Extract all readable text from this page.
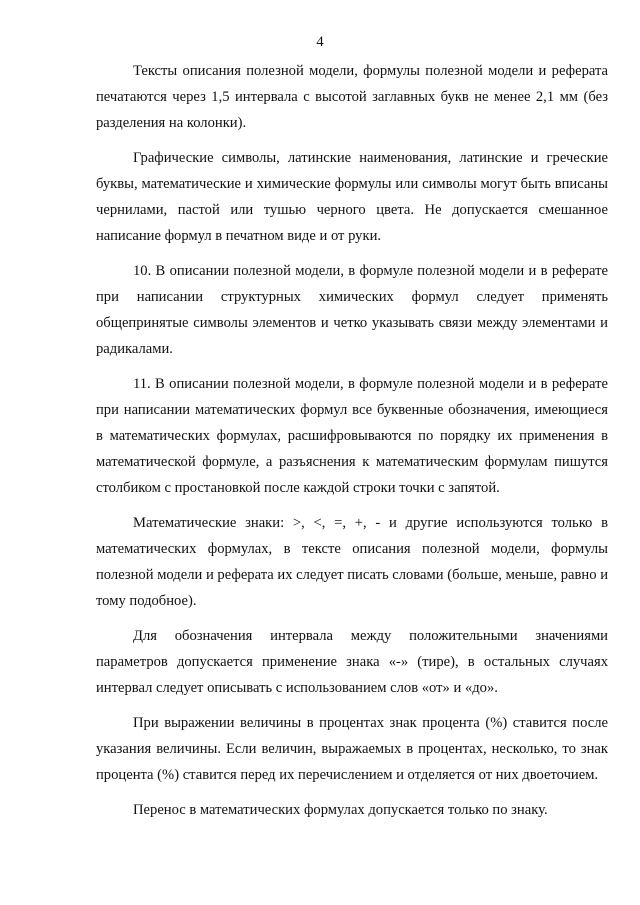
4

Тексты описания полезной модели, формулы полезной модели и реферата печатаются через 1,5 интервала с высотой заглавных букв не менее 2,1 мм (без разделения на колонки).

Графические символы, латинские наименования, латинские и греческие буквы, математические и химические формулы или символы могут быть вписаны чернилами, пастой или тушью черного цвета. Не допускается смешанное написание формул в печатном виде и от руки.

10. В описании полезной модели, в формуле полезной модели и в реферате при написании структурных химических формул следует применять общепринятые символы элементов и четко указывать связи между элементами и радикалами.

11. В описании полезной модели, в формуле полезной модели и в реферате при написании математических формул все буквенные обозначения, имеющиеся в математических формулах, расшифровываются по порядку их применения в математической формуле, а разъяснения к математическим формулам пишутся столбиком с простановкой после каждой строки точки с запятой.

Математические знаки: >, <, =, +, - и другие используются только в математических формулах, в тексте описания полезной модели, формулы полезной модели и реферата их следует писать словами (больше, меньше, равно и тому подобное).

Для обозначения интервала между положительными значениями параметров допускается применение знака «-» (тире), в остальных случаях интервал следует описывать с использованием слов «от» и «до».

При выражении величины в процентах знак процента (%) ставится после указания величины. Если величин, выражаемых в процентах, несколько, то знак процента (%) ставится перед их перечислением и отделяется от них двоеточием.

Перенос в математических формулах допускается только по знаку.
